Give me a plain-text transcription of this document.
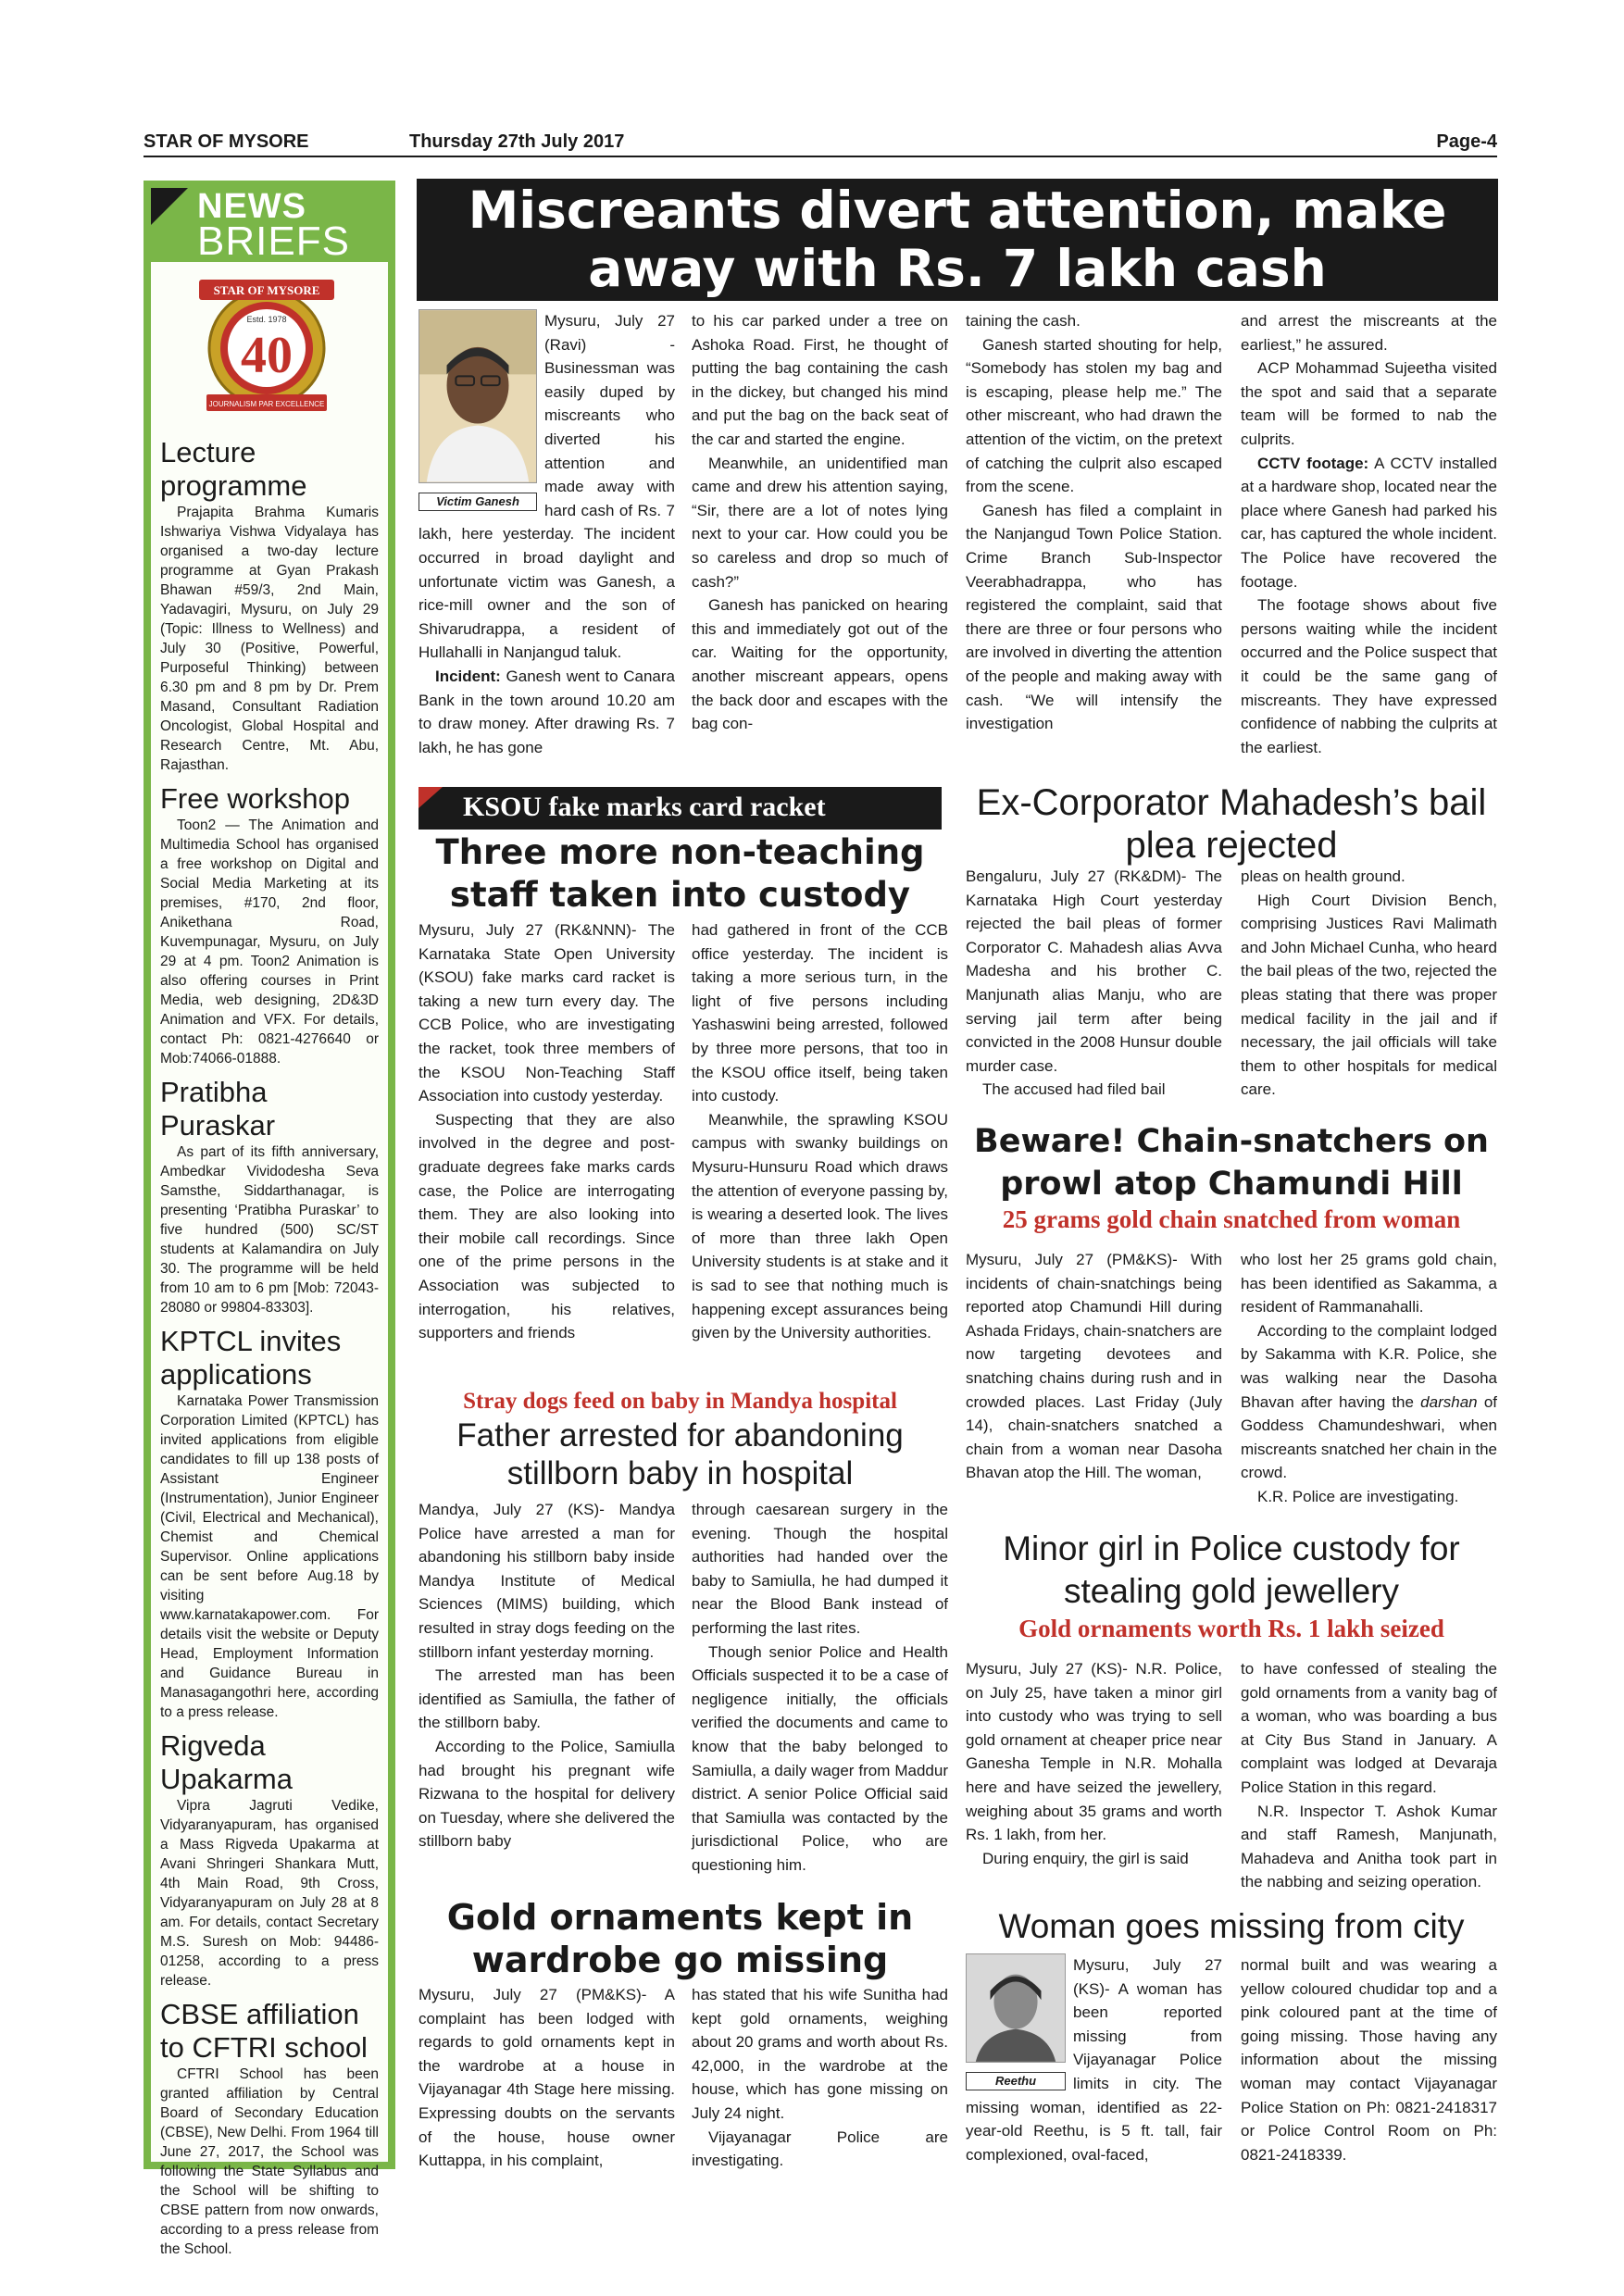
STAR OF MYSORE	Thursday 27th July 2017	Page-4
NEWS
BRIEFS
STAR OF MYSORE
Estd. 1978
40
JOURNALISM PAR EXCELLENCE
Lecture programme
Prajapita Brahma Kumaris Ishwariya Vishwa Vidyalaya has organised a two-day lecture programme at Gyan Prakash Bhawan #59/3, 2nd Main, Yadavagiri, Mysuru, on July 29 (Topic: Illness to Wellness) and July 30 (Positive, Powerful, Purposeful Thinking) between 6.30 pm and 8 pm by Dr. Prem Masand, Consultant Radiation Oncologist, Global Hospital and Research Centre, Mt. Abu, Rajasthan.
Free workshop
Toon2 — The Animation and Multimedia School has organised a free workshop on Digital and Social Media Marketing at its premises, #170, 2nd floor, Anikethana Road, Kuvempunagar, Mysuru, on July 29 at 4 pm. Toon2 Animation is also offering courses in Print Media, web designing, 2D&3D Animation and VFX. For details, contact Ph: 0821-4276640 or Mob:74066-01888.
Pratibha Puraskar
As part of its fifth anniversary, Ambedkar Vividodesha Seva Samsthe, Siddarthanagar, is presenting ‘Pratibha Puraskar’ to five hundred (500) SC/ST students at Kalamandira on July 30. The programme will be held from 10 am to 6 pm [Mob: 72043-28080 or 99804-83303].
KPTCL invites applications
Karnataka Power Transmission Corporation Limited (KPTCL) has invited applications from eligible candidates to fill up 138 posts of Assistant Engineer (Instrumentation), Junior Engineer (Civil, Electrical and Mechanical), Chemist and Chemical Supervisor. Online applications can be sent before Aug.18 by visiting www.karnatakapower.com. For details visit the website or Deputy Head, Employment Information and Guidance Bureau in Manasagangothri here, according to a press release.
Rigveda Upakarma
Vipra Jagruti Vedike, Vidyaranyapuram, has organised a Mass Rigveda Upakarma at Avani Shringeri Shankara Mutt, 4th Main Road, 9th Cross, Vidyaranyapuram on July 28 at 8 am. For details, contact Secretary M.S. Suresh on Mob: 94486-01258, according to a press release.
CBSE affiliation to CFTRI school
CFTRI School has been granted affiliation by Central Board of Secondary Education (CBSE), New Delhi. From 1964 till June 27, 2017, the School was following the State Syllabus and the School will be shifting to CBSE pattern from now onwards, according to a press release from the School.
Miscreants divert attention, make away with Rs. 7 lakh cash
Victim Ganesh

Mysuru, July 27 (Ravi) - Businessman was easily duped by miscreants who diverted his attention and made away with hard cash of Rs. 7 lakh, here yesterday. The incident occurred in broad daylight and unfortunate victim was Ganesh, a rice-mill owner and the son of Shivarudrappa, a resident of Hullahalli in Nanjangud taluk.

Incident: Ganesh went to Canara Bank in the town around 10.20 am to draw money. After drawing Rs. 7 lakh, he has gone

to his car parked under a tree on Ashoka Road. First, he thought of putting the bag containing the cash in the dickey, but changed his mind and put the bag on the back seat of the car and started the engine.

Meanwhile, an unidentified man came and drew his attention saying, “Sir, there are a lot of notes lying next to your car. How could you be so careless and drop so much of cash?”

Ganesh has panicked on hearing this and immediately got out of the car. Waiting for the opportunity, another miscreant appears, opens the back door and escapes with the bag con-

taining the cash.

Ganesh started shouting for help, “Somebody has stolen my bag and is escaping, please help me.” The other miscreant, who had drawn the attention of the victim, on the pretext of catching the culprit also escaped from the scene.

Ganesh has filed a complaint in the Nanjangud Town Police Station. Crime Branch Sub-Inspector Veerabhadrappa, who has registered the complaint, said that there are three or four persons who are involved in diverting the attention of the people and making away with cash. “We will intensify the investigation

and arrest the miscreants at the earliest,” he assured.

ACP Mohammad Sujeetha visited the spot and said that a separate team will be formed to nab the culprits.

CCTV footage: A CCTV installed at a hardware shop, located near the place where Ganesh had parked his car, has captured the whole incident. The Police have recovered the footage.

The footage shows about five persons waiting while the incident occurred and the Police suspect that it could be the same gang of miscreants. They have expressed confidence of nabbing the culprits at the earliest.

KSOU fake marks card racket
Three more non-teaching staff taken into custody

Mysuru, July 27 (RK&NNN)- The Karnataka State Open University (KSOU) fake marks card racket is taking a new turn every day. The CCB Police, who are investigating the racket, took three members of the KSOU Non-Teaching Staff Association into custody yesterday.

Suspecting that they are also involved in the degree and post-graduate degrees fake marks cards case, the Police are interrogating them. They are also looking into their mobile call recordings. Since one of the prime persons in the Association was subjected to interrogation, his relatives, supporters and friends

had gathered in front of the CCB office yesterday. The incident is taking a more serious turn, in the light of five persons including Yashaswini being arrested, followed by three more persons, that too in the KSOU office itself, being taken into custody.

Meanwhile, the sprawling KSOU campus with swanky buildings on Mysuru-Hunsuru Road which draws the attention of everyone passing by, is wearing a deserted look. The lives of more than three lakh Open University students is at stake and it is sad to see that nothing much is happening except assurances being given by the University authorities.

Stray dogs feed on baby in Mandya hospital
Father arrested for abandoning stillborn baby in hospital

Mandya, July 27 (KS)- Mandya Police have arrested a man for abandoning his stillborn baby inside Mandya Institute of Medical Sciences (MIMS) building, which resulted in stray dogs feeding on the stillborn infant yesterday morning.

The arrested man has been identified as Samiulla, the father of the stillborn baby.

According to the Police, Samiulla had brought his pregnant wife Rizwana to the hospital for delivery on Tuesday, where she delivered the stillborn baby

through caesarean surgery in the evening. Though the hospital authorities had handed over the baby to Samiulla, he had dumped it near the Blood Bank instead of performing the last rites.

Though senior Police and Health Officials suspected it to be a case of negligence initially, the officials verified the documents and came to know that the baby belonged to Samiulla, a daily wager from Maddur district. A senior Police Official said that Samiulla was contacted by the jurisdictional Police, who are questioning him.

Gold ornaments kept in wardrobe go missing

Mysuru, July 27 (PM&KS)- A complaint has been lodged with regards to gold ornaments kept in the wardrobe at a house in Vijayanagar 4th Stage here missing. Expressing doubts on the servants of the house, house owner Kuttappa, in his complaint,

has stated that his wife Sunitha had kept gold ornaments, weighing about 20 grams and worth about Rs. 42,000, in the wardrobe at the house, which has gone missing on July 24 night.

Vijayanagar Police are investigating.

Ex-Corporator Mahadesh’s bail plea rejected

Bengaluru, July 27 (RK&DM)- The Karnataka High Court yesterday rejected the bail pleas of former Corporator C. Mahadesh alias Avva Madesha and his brother C. Manjunath alias Manju, who are serving jail term after being convicted in the 2008 Hunsur double murder case.

The accused had filed bail

pleas on health ground.

High Court Division Bench, comprising Justices Ravi Malimath and John Michael Cunha, who heard the bail pleas of the two, rejected the pleas stating that there was proper medical facility in the jail and if necessary, the jail officials will take them to other hospitals for medical care.

Beware! Chain-snatchers on prowl atop Chamundi Hill
25 grams gold chain snatched from woman

Mysuru, July 27 (PM&KS)- With incidents of chain-snatchings being reported atop Chamundi Hill during Ashada Fridays, chain-snatchers are now targeting devotees and snatching chains during rush and in crowded places. Last Friday (July 14), chain-snatchers snatched a chain from a woman near Dasoha Bhavan atop the Hill. The woman,

who lost her 25 grams gold chain, has been identified as Sakamma, a resident of Rammanahalli.

According to the complaint lodged by Sakamma with K.R. Police, she was walking near the Dasoha Bhavan after having the darshan of Goddess Chamundeshwari, when miscreants snatched her chain in the crowd.

K.R. Police are investigating.

Minor girl in Police custody for stealing gold jewellery
Gold ornaments worth Rs. 1 lakh seized

Mysuru, July 27 (KS)- N.R. Police, on July 25, have taken a minor girl into custody who was trying to sell gold ornament at cheaper price near Ganesha Temple in N.R. Mohalla here and have seized the jewellery, weighing about 35 grams and worth Rs. 1 lakh, from her.

During enquiry, the girl is said

to have confessed of stealing the gold ornaments from a vanity bag of a woman, who was boarding a bus at City Bus Stand in January. A complaint was lodged at Devaraja Police Station in this regard.

N.R. Inspector T. Ashok Kumar and staff Ramesh, Manjunath, Mahadeva and Anitha took part in the nabbing and seizing operation.

Woman goes missing from city
Reethu

Mysuru, July 27 (KS)- A woman has been reported missing from Vijayanagar Police limits in city. The missing woman, identified as 22-year-old Reethu, is 5 ft. tall, fair complexioned, oval-faced,

normal built and was wearing a yellow coloured chudidar top and a pink coloured pant at the time of going missing. Those having any information about the missing woman may contact Vijayanagar Police Station on Ph: 0821-2418317 or Police Control Room on Ph: 0821-2418339.
